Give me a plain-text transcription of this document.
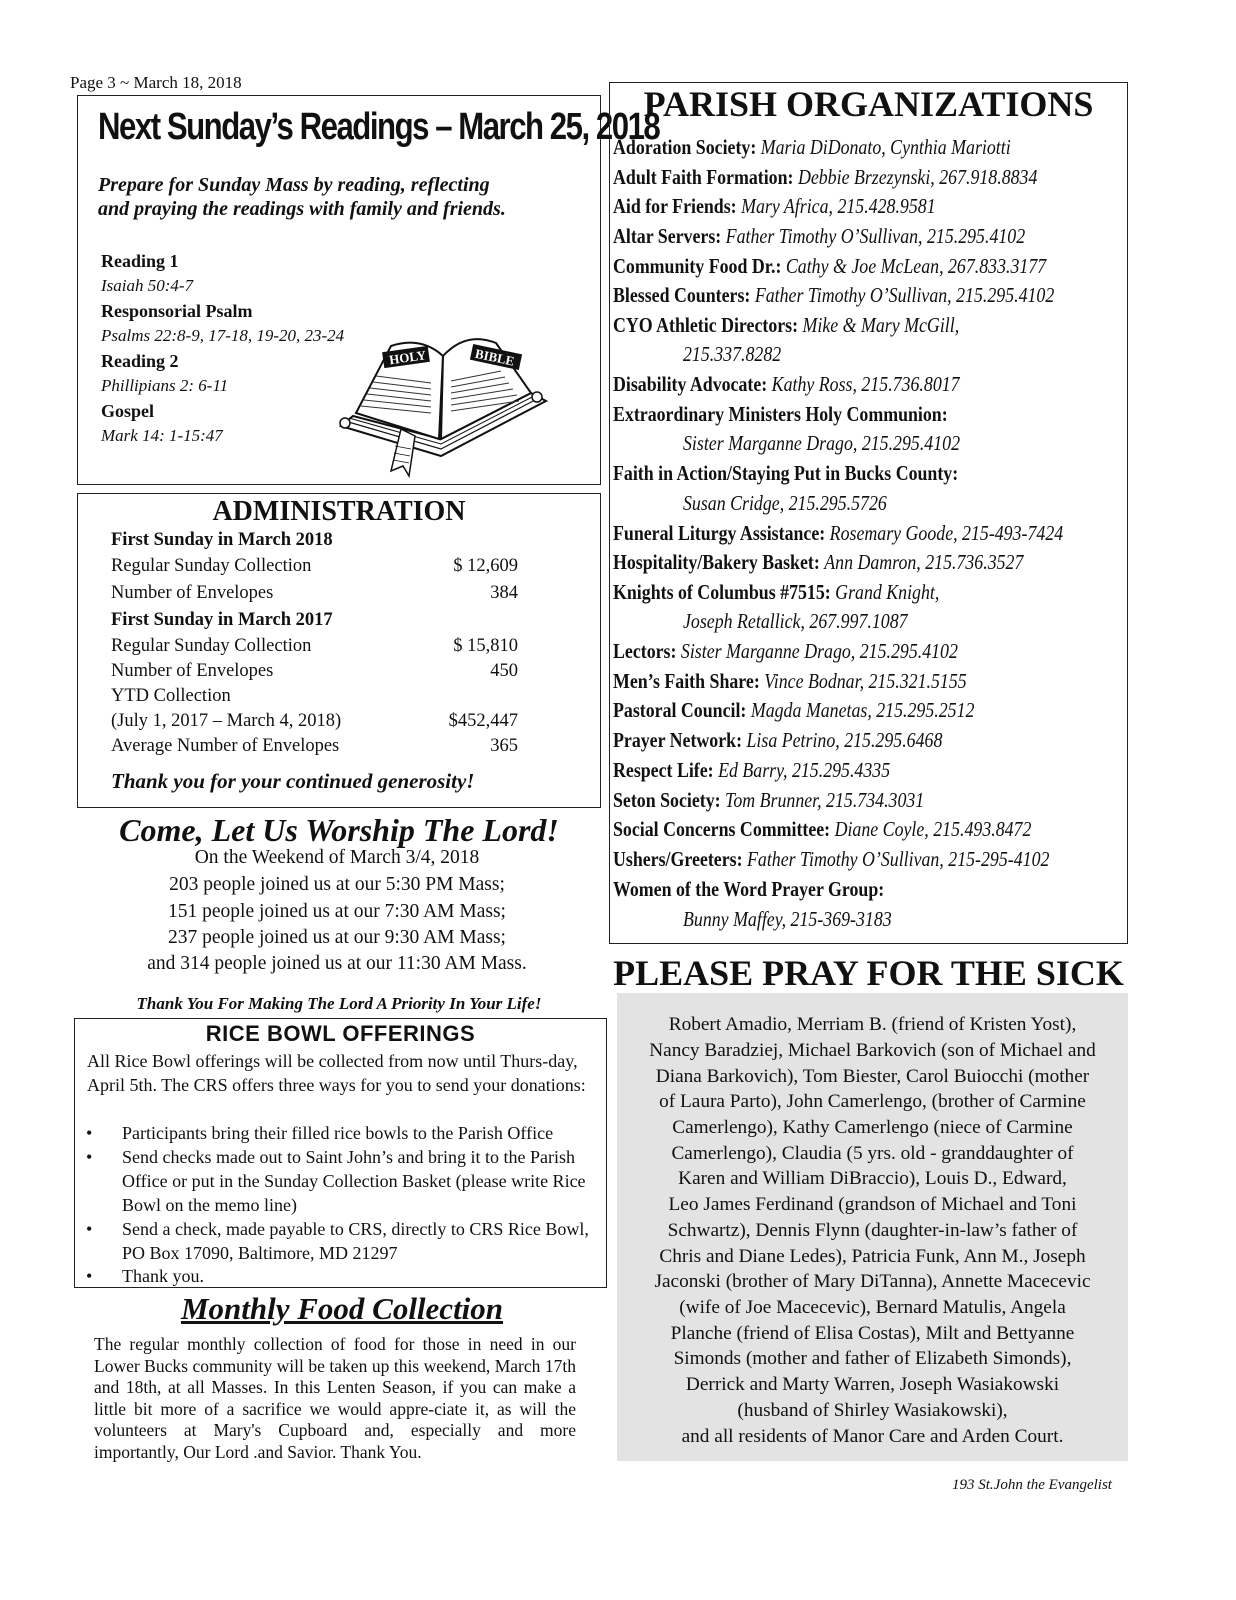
Page 3 ~ March 18, 2018
Next Sunday’s Readings – March 25, 2018
Prepare for Sunday Mass by reading, reflecting
and praying the readings with family and friends.
Reading 1
Isaiah 50:4-7
Responsorial Psalm
Psalms 22:8-9, 17-18, 19-20, 23-24
Reading 2
Phillipians 2: 6-11
Gospel
Mark 14: 1-15:47
HOLY	BIBLE
ADMINISTRATION
First Sunday in March 2018
Regular Sunday Collection	$ 12,609
Number of Envelopes	384
First Sunday in March 2017
Regular Sunday Collection	$ 15,810
Number of Envelopes	450
YTD Collection
(July 1, 2017 – March 4, 2018)	$452,447
Average Number of Envelopes	365
Thank you for your continued generosity!
Come, Let Us Worship The Lord!
On the Weekend of March 3/4, 2018
203 people joined us at our 5:30 PM Mass;
151 people joined us at our 7:30 AM Mass;
237 people joined us at our 9:30 AM Mass;
and 314 people joined us at our 11:30 AM Mass.
Thank You For Making The Lord A Priority In Your Life!
RICE BOWL OFFERINGS
All Rice Bowl offerings will be collected from now until Thurs-day, April 5th. The CRS offers three ways for you to send your donations:
• Participants bring their filled rice bowls to the Parish Office
• Send checks made out to Saint John’s and bring it to the Parish Office or put in the Sunday Collection Basket (please write Rice Bowl on the memo line)
• Send a check, made payable to CRS, directly to CRS Rice Bowl, PO Box 17090, Baltimore, MD 21297
• Thank you.
Monthly Food Collection
The regular monthly collection of food for those in need in our Lower Bucks community will be taken up this weekend, March 17th and 18th, at all Masses. In this Lenten Season, if you can make a little bit more of a sacrifice we would appre-ciate it, as will the volunteers at Mary's Cupboard and, especially and more importantly, Our Lord .and Savior. Thank You.
PARISH ORGANIZATIONS
Adoration Society: Maria DiDonato, Cynthia Mariotti
Adult Faith Formation: Debbie Brzezynski, 267.918.8834
Aid for Friends: Mary Africa, 215.428.9581
Altar Servers: Father Timothy O’Sullivan, 215.295.4102
Community Food Dr.: Cathy & Joe McLean, 267.833.3177
Blessed Counters: Father Timothy O’Sullivan, 215.295.4102
CYO Athletic Directors: Mike & Mary McGill,
215.337.8282
Disability Advocate: Kathy Ross, 215.736.8017
Extraordinary Ministers Holy Communion:
Sister Marganne Drago, 215.295.4102
Faith in Action/Staying Put in Bucks County:
Susan Cridge, 215.295.5726
Funeral Liturgy Assistance: Rosemary Goode, 215-493-7424
Hospitality/Bakery Basket: Ann Damron, 215.736.3527
Knights of Columbus #7515: Grand Knight,
Joseph Retallick, 267.997.1087
Lectors: Sister Marganne Drago, 215.295.4102
Men’s Faith Share: Vince Bodnar, 215.321.5155
Pastoral Council: Magda Manetas, 215.295.2512
Prayer Network: Lisa Petrino, 215.295.6468
Respect Life: Ed Barry, 215.295.4335
Seton Society: Tom Brunner, 215.734.3031
Social Concerns Committee: Diane Coyle, 215.493.8472
Ushers/Greeters: Father Timothy O’Sullivan, 215-295-4102
Women of the Word Prayer Group:
Bunny Maffey, 215-369-3183
PLEASE PRAY FOR THE SICK
Robert Amadio, Merriam B. (friend of Kristen Yost),
Nancy Baradziej, Michael Barkovich (son of Michael and
Diana Barkovich), Tom Biester, Carol Buiocchi (mother
of Laura Parto), John Camerlengo, (brother of Carmine
Camerlengo), Kathy Camerlengo (niece of Carmine
Camerlengo), Claudia (5 yrs. old - granddaughter of
Karen and William DiBraccio), Louis D., Edward,
Leo James Ferdinand (grandson of Michael and Toni
Schwartz), Dennis Flynn (daughter-in-law’s father of
Chris and Diane Ledes), Patricia Funk, Ann M., Joseph
Jaconski (brother of Mary DiTanna), Annette Macecevic
(wife of Joe Macecevic), Bernard Matulis, Angela
Planche (friend of Elisa Costas), Milt and Bettyanne
Simonds (mother and father of Elizabeth Simonds),
Derrick and Marty Warren, Joseph Wasiakowski
(husband of Shirley Wasiakowski),
and all residents of Manor Care and Arden Court.
193 St.John the Evangelist
